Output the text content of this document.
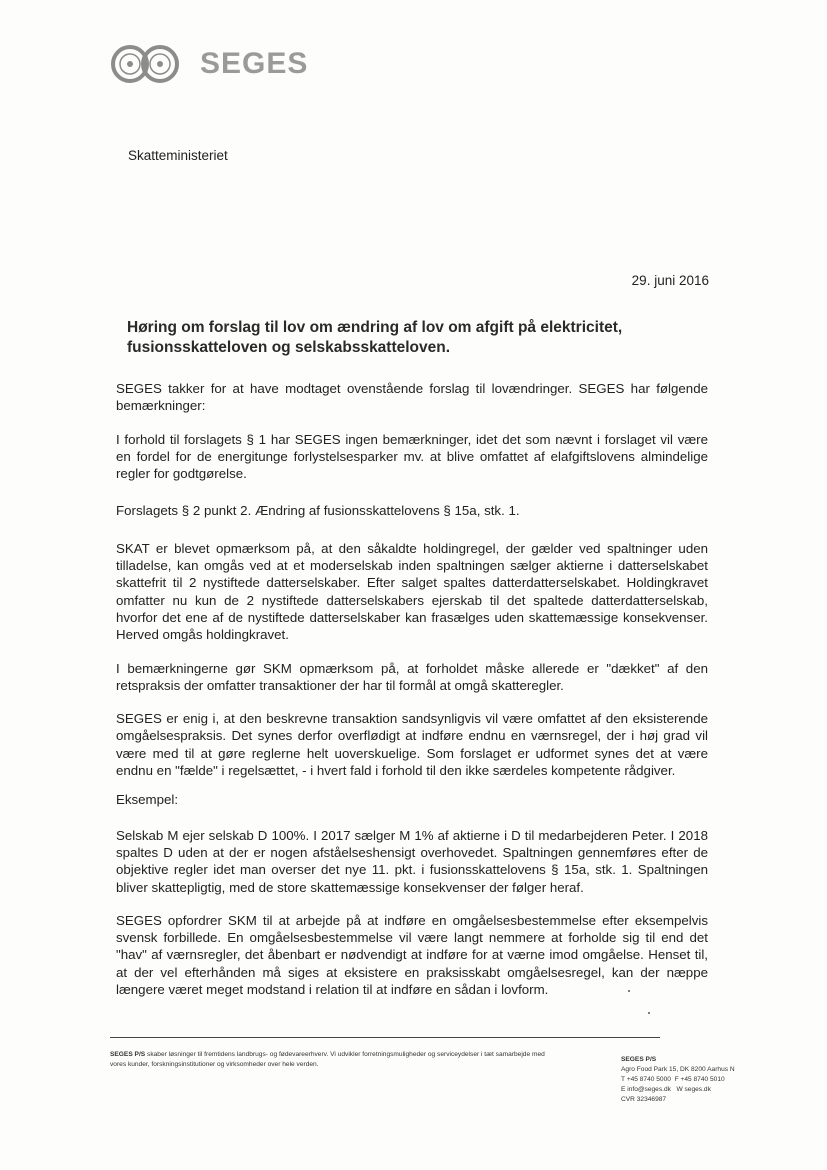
SEGES
Skatteministeriet
29. juni 2016
Høring om forslag til lov om ændring af lov om afgift på elektricitet, fusionsskatteloven og selskabsskatteloven.

SEGES takker for at have modtaget ovenstående forslag til lovændringer. SEGES har følgende bemærkninger:

I forhold til forslagets § 1 har SEGES ingen bemærkninger, idet det som nævnt i forslaget vil være en fordel for de energitunge forlystelsesparker mv. at blive omfattet af elafgiftslovens almindelige regler for godtgørelse.

Forslagets § 2 punkt 2. Ændring af fusionsskattelovens § 15a, stk. 1.

SKAT er blevet opmærksom på, at den såkaldte holdingregel, der gælder ved spaltninger uden tilladelse, kan omgås ved at et moderselskab inden spaltningen sælger aktierne i datterselskabet skattefrit til 2 nystiftede datterselskaber. Efter salget spaltes datterdatterselskabet. Holdingkravet omfatter nu kun de 2 nystiftede datterselskabers ejerskab til det spaltede datterdatterselskab, hvorfor det ene af de nystiftede datterselskaber kan frasælges uden skattemæssige konsekvenser. Herved omgås holdingkravet.

I bemærkningerne gør SKM opmærksom på, at forholdet måske allerede er "dækket" af den retspraksis der omfatter transaktioner der har til formål at omgå skatteregler.

SEGES er enig i, at den beskrevne transaktion sandsynligvis vil være omfattet af den eksisterende omgåelsespraksis. Det synes derfor overflødigt at indføre endnu en værnsregel, der i høj grad vil være med til at gøre reglerne helt uoverskuelige. Som forslaget er udformet synes det at være endnu en "fælde" i regelsættet, - i hvert fald i forhold til den ikke særdeles kompetente rådgiver.

Eksempel:

Selskab M ejer selskab D 100%. I 2017 sælger M 1% af aktierne i D til medarbejderen Peter. I 2018 spaltes D uden at der er nogen afståelseshensigt overhovedet. Spaltningen gennemføres efter de objektive regler idet man overser det nye 11. pkt. i fusionsskattelovens § 15a, stk. 1. Spaltningen bliver skattepligtig, med de store skattemæssige konsekvenser der følger heraf.

SEGES opfordrer SKM til at arbejde på at indføre en omgåelsesbestemmelse efter eksempelvis svensk forbillede. En omgåelsesbestemmelse vil være langt nemmere at forholde sig til end det "hav" af værnsregler, det åbenbart er nødvendigt at indføre for at værne imod omgåelse. Henset til, at der vel efterhånden må siges at eksistere en praksisskabt omgåelsesregel, kan der næppe længere været meget modstand i relation til at indføre en sådan i lovform.

SEGES P/S skaber løsninger til fremtidens landbrugs- og fødevareerhverv. Vi udvikler forretningsmuligheder og serviceydelser i tæt samarbejde med vores kunder, forskningsinstitutioner og virksomheder over hele verden.
SEGES P/S
Agro Food Park 15, DK 8200 Aarhus N
T +45 8740 5000 F +45 8740 5010
E info@seges.dk W seges.dk
CVR 32346987
